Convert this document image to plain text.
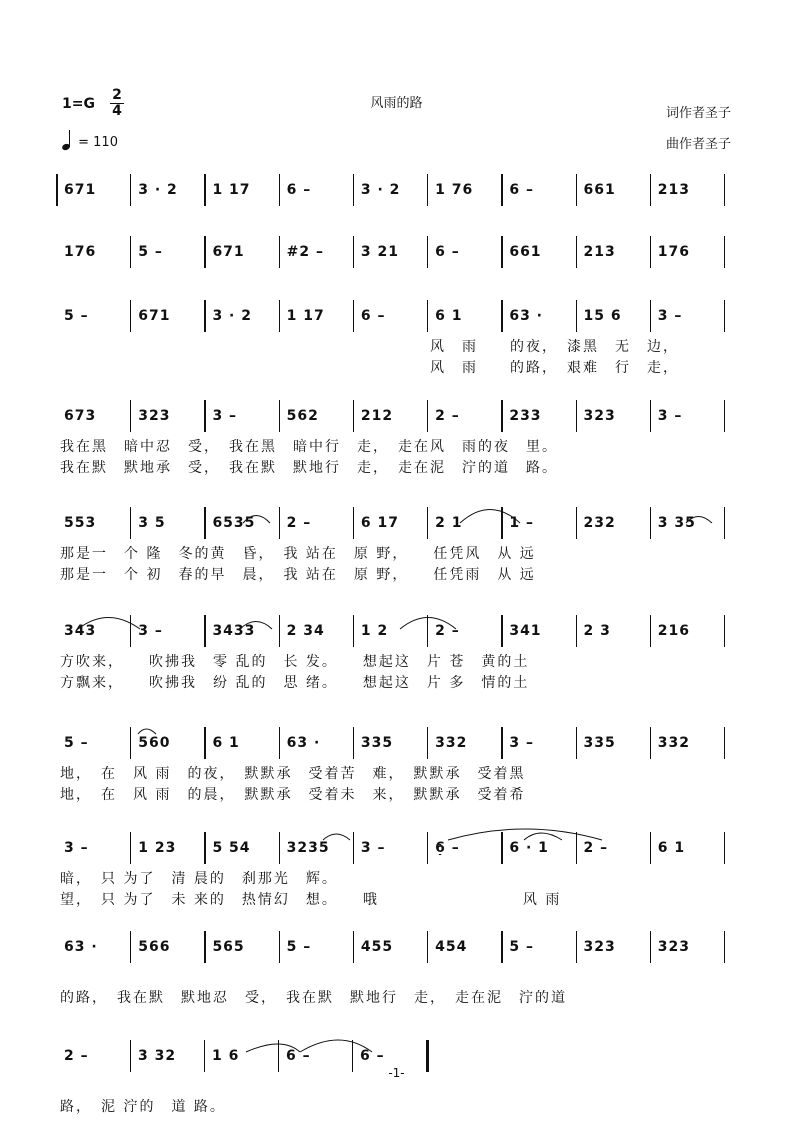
1=G
2
4
= 110
风雨的路
词作者圣子
曲作者圣子
671	3 · 2 1 17	6 –	3 · 2 1 76	6 –	661	213
176	5 –	671	#2 –	3 21	6 –	661	213	176
5 –	671	3 · 2 1 17	6 –	6 1	63 ·	15 6	3 –
风　雨　　的夜，　漆黑　无　边，
风　雨　　的路，　艰难　行　走，
673	323	3 –	562	212	2 –	233	323	3 –
我在黑　暗中忍　受，　我在黑　暗中行　走，　走在风　雨的夜　里。
我在默　默地承　受，　我在默　默地行　走，　走在泥　泞的道　路。
553	3 5	6535 2 –	6 17	2 1	1 –	232	3 35
那是一　个 隆　冬的黄　昏，　我 站在　原 野，　　任凭风　从 远
那是一　个 初　春的早　晨，　我 站在　原 野，　　任凭雨　从 远
343	3 –	3433 2 34	1 2	2 –	341	2 3	216
方吹来，　　吹拂我　零 乱的　长 发。　　想起这　片 苍　黄的土
方飘来，　　吹拂我　纷 乱的　思 绪。　　想起这　片 多　情的土
5 –	560	6 1	63 ·	335	332	3 –	335	332
地，　在　风 雨　的夜，　默默承　受着苦　难，　默默承　受着黑
地，　在　风 雨　的晨，　默默承　受着未　来，　默默承　受着希
3 –	1 23	5 54	3235 3 –	6 –	6 · 1 2 –	6 1
暗，　只 为了　清 晨的　刹那光　辉。
望，　只 为了　未 来的　热情幻　想。　　哦　　　　　　　　　风 雨
63 ·	566	565	5 –	455	454	5 –	323	323
的路，　我在默　默地忍　受，　我在默　默地行　走，　走在泥　泞的道
2 –	3 32	1 6	6 –	6 –
路，　泥 泞的　道 路。
-1-
